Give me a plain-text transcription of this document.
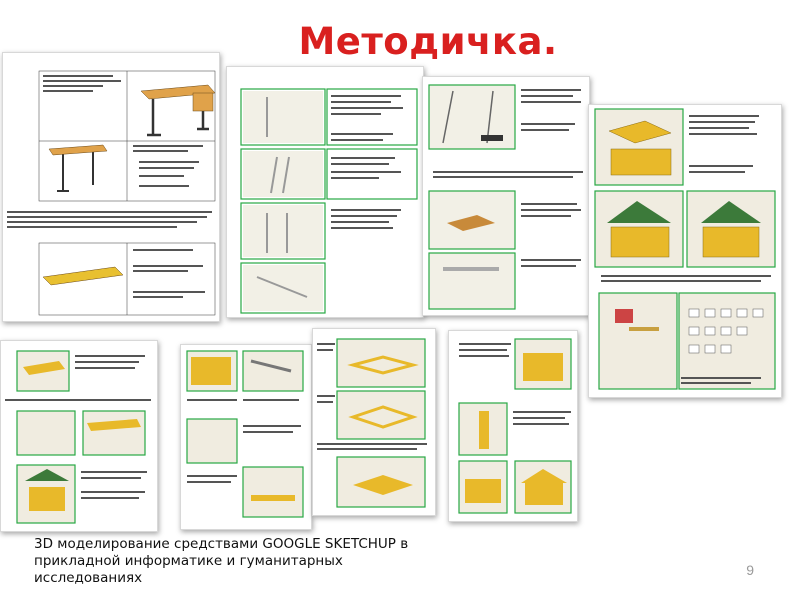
Методичка.
3D моделирование средствами GOOGLE SKETCHUP в
прикладной информатике и гуманитарных исследованиях	9
